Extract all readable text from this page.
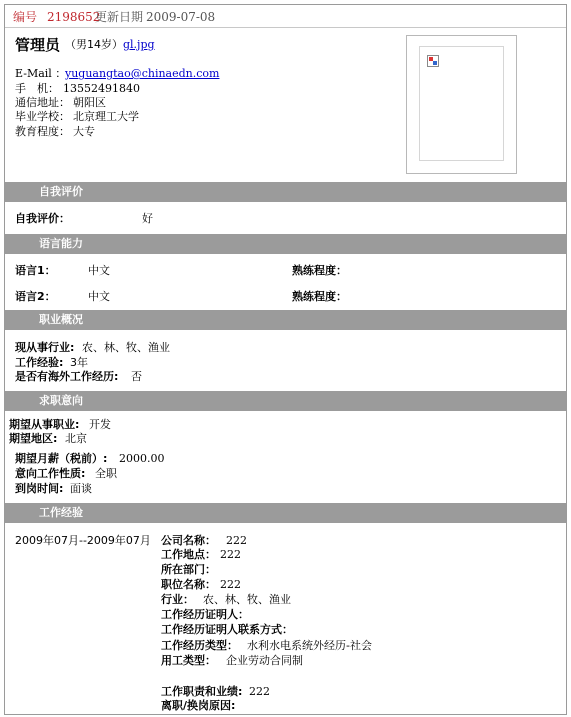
编号 2198652
更新日期 2009-07-08
管理员 （男14岁） gl.jpg
E-Mail ：
yuguangtao@chinaedn.com
手　机： 13552491840
通信地址： 朝阳区
毕业学校： 北京理工大学
教育程度： 大专
自我评价
自我评价：	好
语言能力
语言1：	中文	熟练程度：
语言2：	中文	熟练程度：
职业概况
现从事行业: 农、林、牧、渔业
工作经验: 3年
是否有海外工作经历: 否
求职意向
期望从事职业: 开发
期望地区: 北京
期望月薪（税前）: 2000.00
意向工作性质: 全职
到岗时间: 面谈
工作经验
2009年07月--2009年07月 公司名称： 222
工作地点： 222
所在部门：
职位名称： 222
行业： 农、林、牧、渔业
工作经历证明人：
工作经历证明人联系方式：
工作经历类型： 水利水电系统外经历-社会
用工类型： 企业劳动合同制
工作职责和业绩: 222
离职/换岗原因:
